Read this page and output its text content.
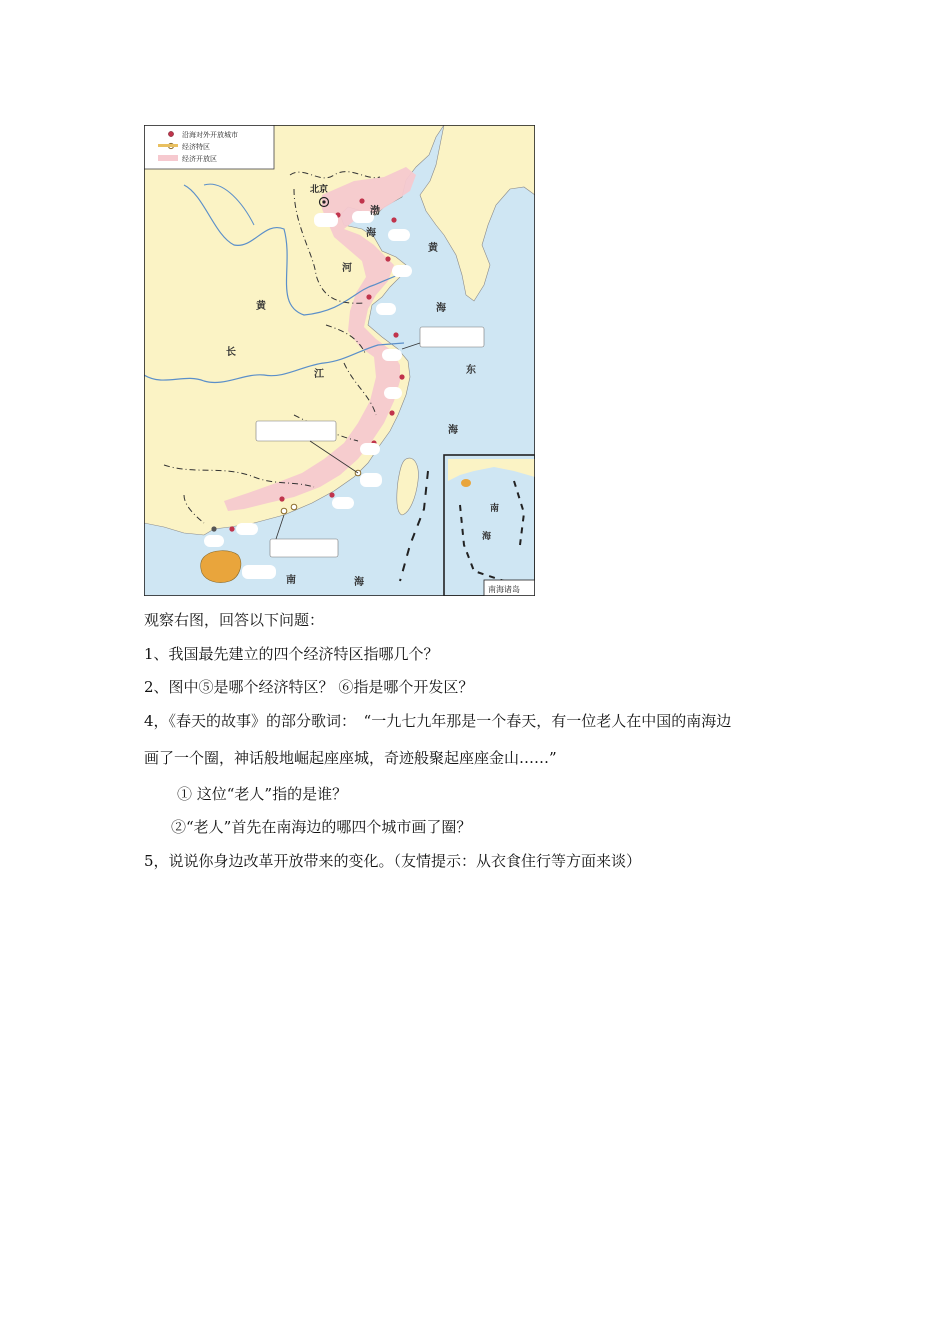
沿海对外开放城市
经济特区
经济开放区
北京
渤
海
黄
海
河
黄
长
江	东
海
南	海
南
海
南海诸岛
观察右图，回答以下问题：
1、我国最先建立的四个经济特区指哪几个？
2、图中⑤是哪个经济特区？ ⑥指是哪个开发区？
4，《春天的故事》的部分歌词：　“一九七九年那是一个春天，有一位老人在中国的南海边
画了一个圈，神话般地崛起座座城，奇迹般聚起座座金山……”
① 这位“老人”指的是谁？
②“老人”首先在南海边的哪四个城市画了圈？
5，说说你身边改革开放带来的变化。（友情提示：从衣食住行等方面来谈）
